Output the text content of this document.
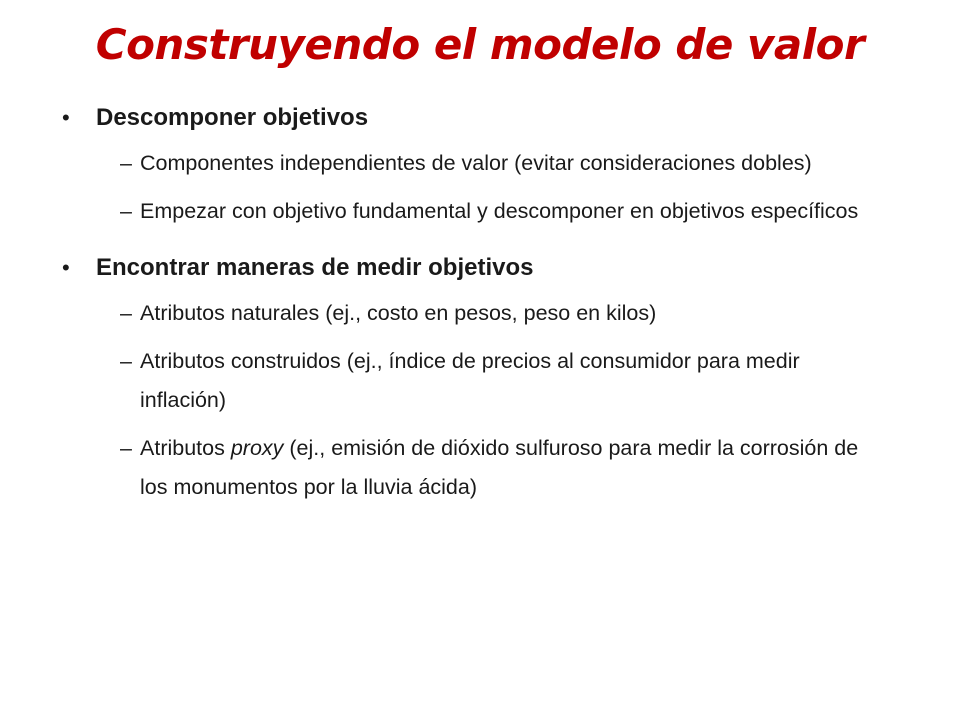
Construyendo el modelo de valor

• Descomponer objetivos

– Componentes independientes de valor (evitar consideraciones dobles)
– Empezar con objetivo fundamental y descomponer en objetivos específicos

• Encontrar maneras de medir objetivos

– Atributos naturales (ej., costo en pesos, peso en kilos)
– Atributos construidos (ej., índice de precios al consumidor para medir inflación)
– Atributos proxy (ej., emisión de dióxido sulfuroso para medir la corrosión de los monumentos por la lluvia ácida)
